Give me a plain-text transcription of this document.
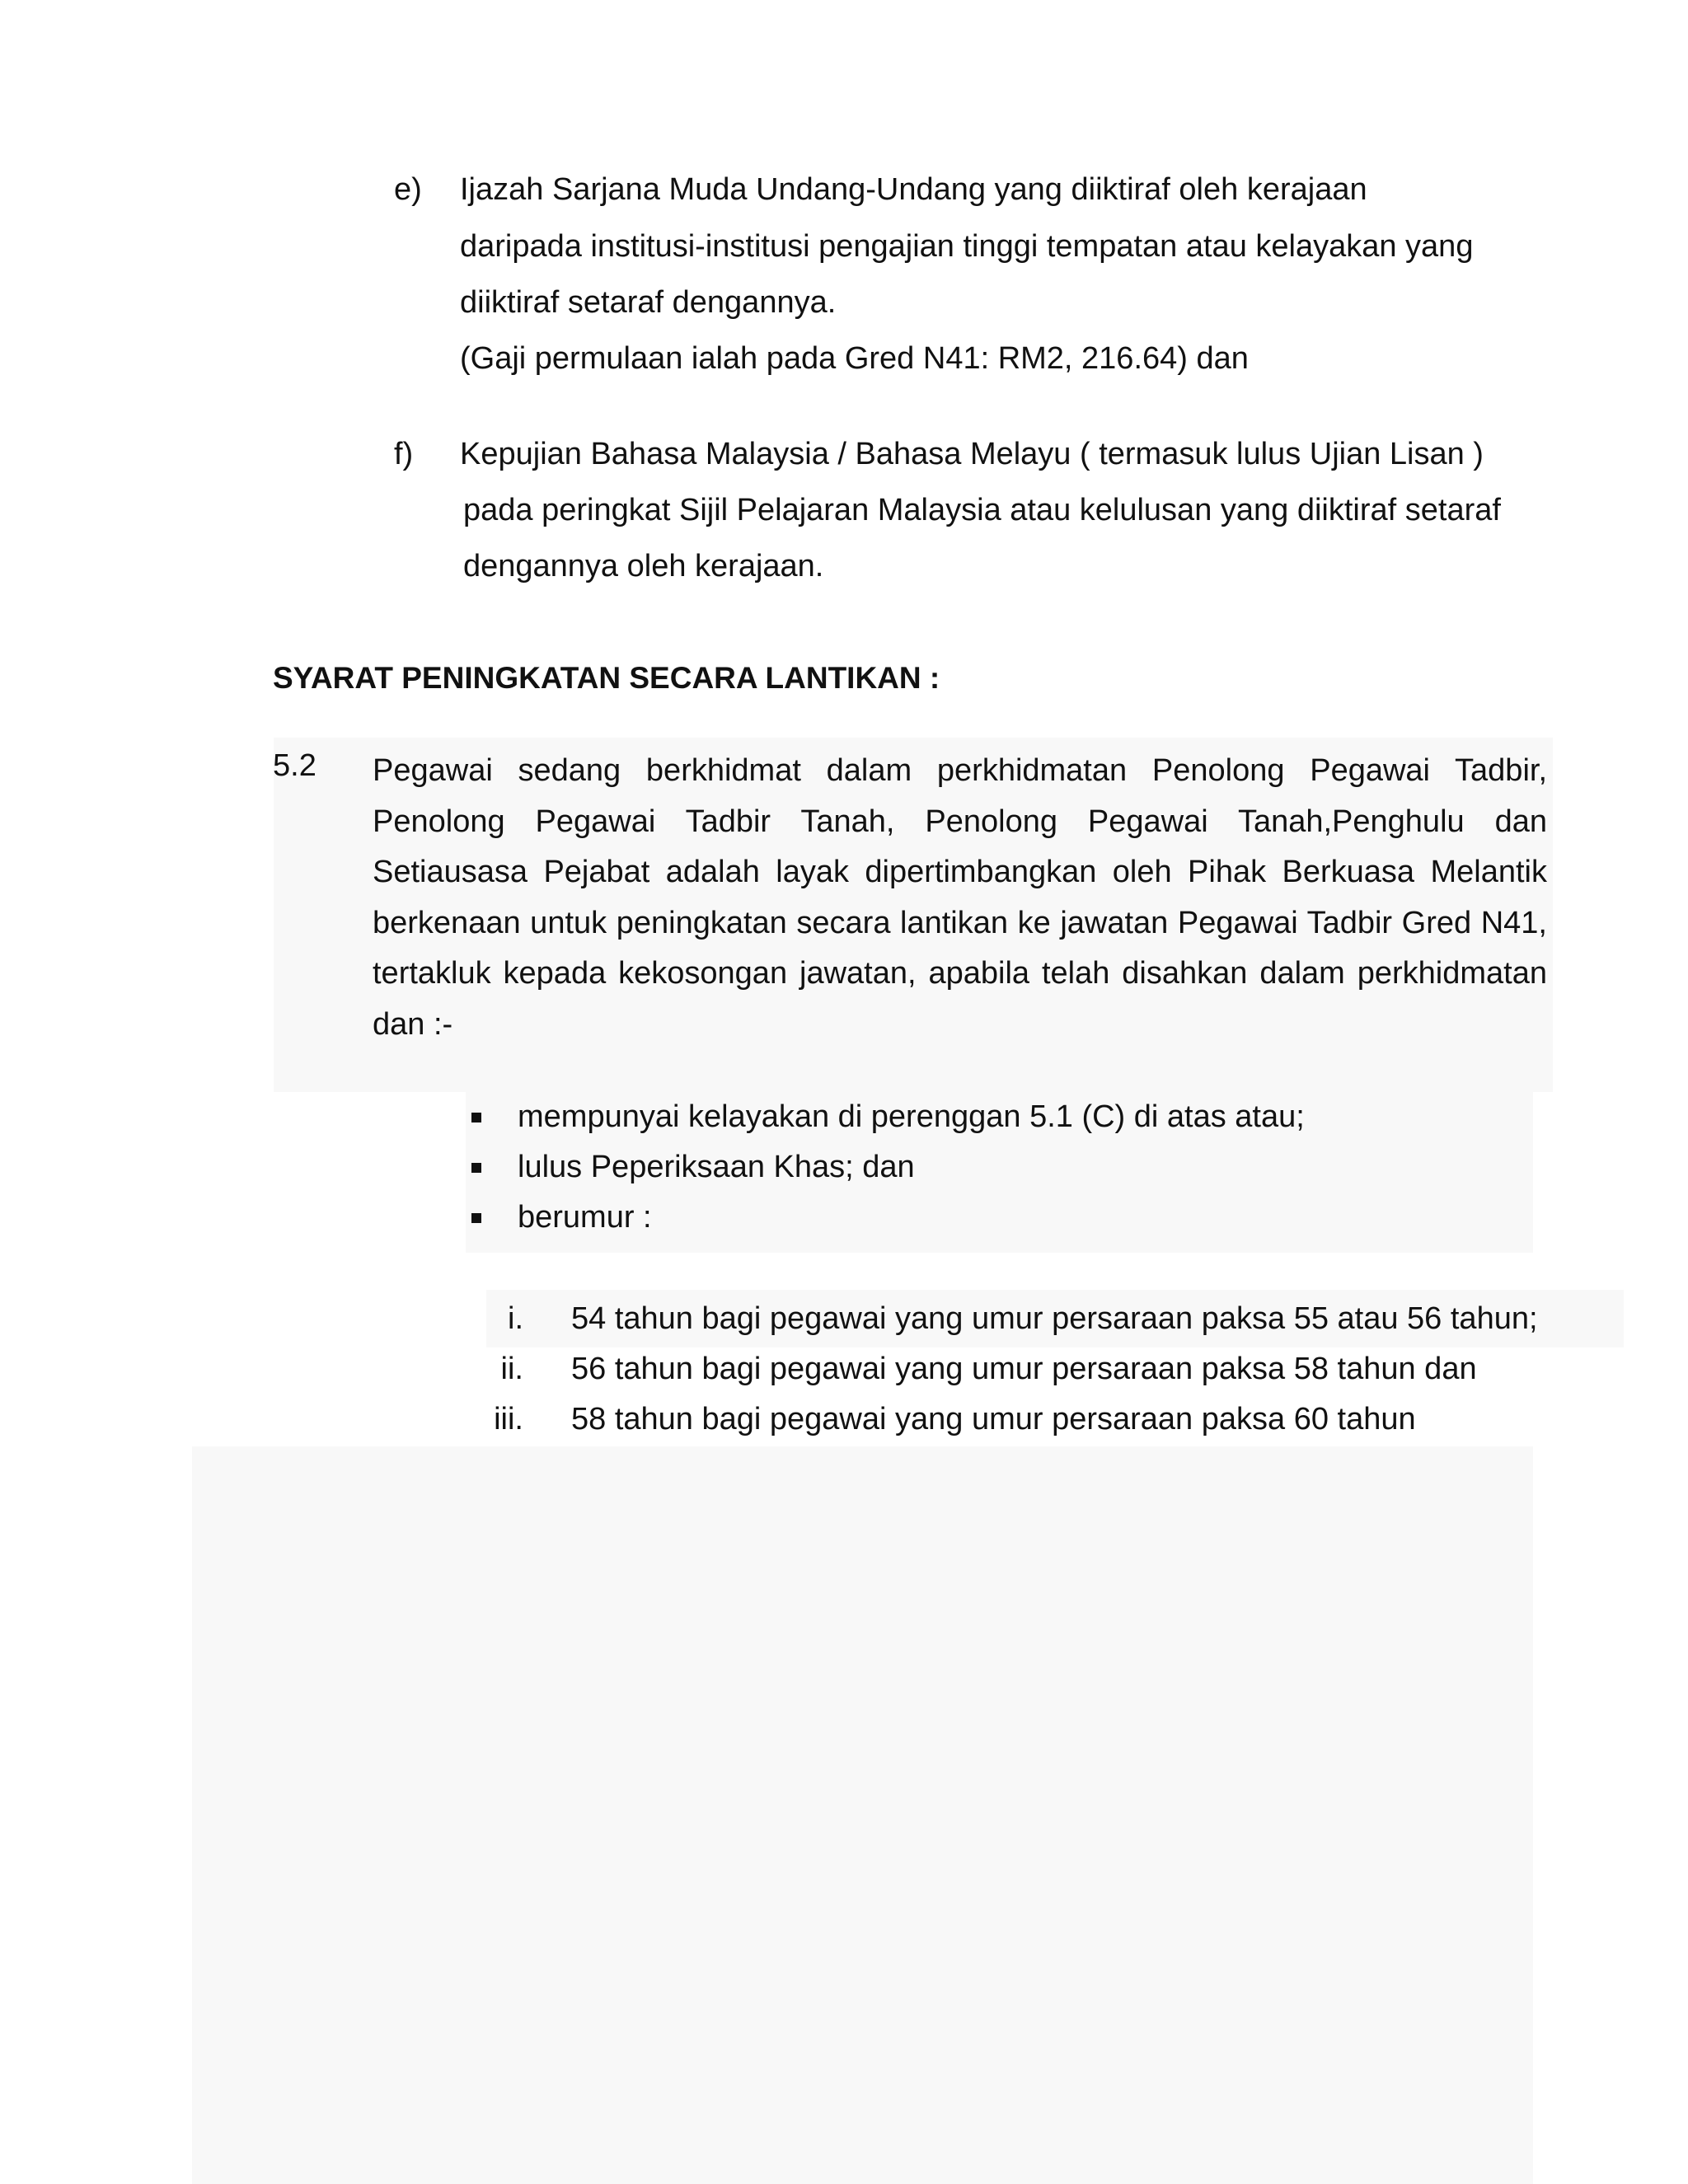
e) Ijazah Sarjana Muda Undang-Undang yang diiktiraf oleh kerajaan
daripada institusi-institusi pengajian tinggi tempatan atau kelayakan yang
diiktiraf setaraf dengannya.
(Gaji permulaan ialah pada Gred N41: RM2, 216.64) dan
f) Kepujian Bahasa Malaysia / Bahasa Melayu ( termasuk lulus Ujian Lisan )
pada peringkat Sijil Pelajaran Malaysia atau kelulusan yang diiktiraf setaraf
dengannya oleh kerajaan.
SYARAT PENINGKATAN SECARA LANTIKAN :
5.2 Pegawai sedang berkhidmat dalam perkhidmatan Penolong Pegawai Tadbir, Penolong Pegawai Tadbir Tanah, Penolong Pegawai Tanah,Penghulu dan Setiausasa Pejabat adalah layak dipertimbangkan oleh Pihak Berkuasa Melantik berkenaan untuk peningkatan secara lantikan ke jawatan Pegawai Tadbir Gred N41, tertakluk kepada kekosongan jawatan, apabila telah disahkan dalam perkhidmatan dan :-
mempunyai kelayakan di perenggan 5.1 (C) di atas atau;
lulus Peperiksaan Khas; dan
berumur :
i. 54 tahun bagi pegawai yang umur persaraan paksa 55 atau 56 tahun;
ii. 56 tahun bagi pegawai yang umur persaraan paksa 58 tahun dan
iii. 58 tahun bagi pegawai yang umur persaraan paksa 60 tahun
